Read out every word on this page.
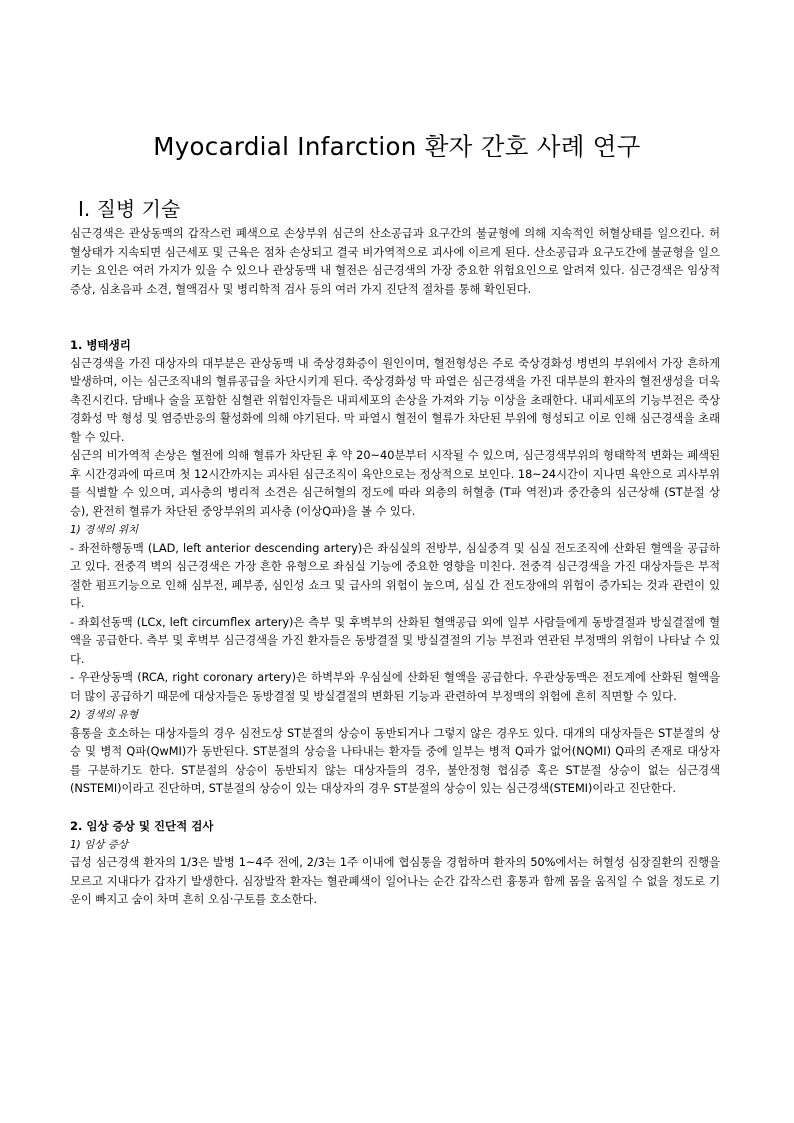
Myocardial Infarction 환자 간호 사례 연구
Ⅰ. 질병 기술

심근경색은 관상동맥의 갑작스런 폐색으로 손상부위 심근의 산소공급과 요구간의 불균형에 의해 지속적인 허혈상태를 일으킨다. 허혈상태가 지속되면 심근세포 및 근육은 점차 손상되고 결국 비가역적으로 괴사에 이르게 된다. 산소공급과 요구도간에 불균형을 일으키는 요인은 여러 가지가 있을 수 있으나 관상동맥 내 혈전은 심근경색의 가장 중요한 위험요인으로 알려져 있다. 심근경색은 임상적 증상, 심초음파 소견, 혈액검사 및 병리학적 검사 등의 여러 가지 진단적 절차를 통해 확인된다.

1. 병태생리

심근경색을 가진 대상자의 대부분은 관상동맥 내 죽상경화증이 원인이며, 혈전형성은 주로 죽상경화성 병변의 부위에서 가장 흔하게 발생하며, 이는 심근조직내의 혈류공급을 차단시키게 된다. 죽상경화성 막 파열은 심근경색을 가진 대부분의 환자의 혈전생성을 더욱 촉진시킨다. 담배나 술을 포함한 심혈관 위험인자들은 내피세포의 손상을 가져와 기능 이상을 초래한다. 내피세포의 기능부전은 죽상경화성 막 형성 및 염증반응의 활성화에 의해 야기된다. 막 파열시 혈전이 혈류가 차단된 부위에 형성되고 이로 인해 심근경색을 초래할 수 있다.

심근의 비가역적 손상은 혈전에 의해 혈류가 차단된 후 약 20~40분부터 시작될 수 있으며, 심근경색부위의 형태학적 변화는 폐색된 후 시간경과에 따르며 첫 12시간까지는 괴사된 심근조직이 육안으로는 정상적으로 보인다. 18~24시간이 지나면 육안으로 괴사부위를 식별할 수 있으며, 괴사층의 병리적 소견은 심근허혈의 정도에 따라 외층의 허혈층 (T파 역전)과 중간층의 심근상해 (ST분절 상승), 완전히 혈류가 차단된 중앙부위의 괴사층 (이상Q파)을 볼 수 있다.

1) 경색의 위치

- 좌전하행동맥 (LAD, left anterior descending artery)은 좌심실의 전방부, 심실중격 및 심실 전도조직에 산화된 혈액을 공급하고 있다. 전중격 벽의 심근경색은 가장 흔한 유형으로 좌심실 기능에 중요한 영향을 미친다. 전중격 심근경색을 가진 대상자들은 부적절한 펌프기능으로 인해 심부전, 폐부종, 심인성 쇼크 및 급사의 위험이 높으며, 심실 간 전도장애의 위험이 증가되는 것과 관련이 있다.

- 좌회선동맥 (LCx, left circumflex artery)은 측부 및 후벽부의 산화된 혈액공급 외에 일부 사람들에게 동방결절과 방실결절에 혈액을 공급한다. 측부 및 후벽부 심근경색을 가진 환자들은 동방결절 및 방실결절의 기능 부전과 연관된 부정맥의 위험이 나타날 수 있다.

- 우관상동맥 (RCA, right coronary artery)은 하벽부와 우심실에 산화된 혈액을 공급한다. 우관상동맥은 전도계에 산화된 혈액을 더 많이 공급하기 때문에 대상자들은 동방결절 및 방실결절의 변화된 기능과 관련하여 부정맥의 위험에 흔히 직면할 수 있다.

2) 경색의 유형

흉통을 호소하는 대상자들의 경우 심전도상 ST분절의 상승이 동반되거나 그렇지 않은 경우도 있다. 대개의 대상자들은 ST분절의 상승 및 병적 Q파(QwMI)가 동반된다. ST분절의 상승을 나타내는 환자들 중에 일부는 병적 Q파가 없어(NQMI) Q파의 존재로 대상자를 구분하기도 한다. ST분절의 상승이 동반되지 않는 대상자들의 경우, 불안정형 협심증 혹은 ST분절 상승이 없는 심근경색(NSTEMI)이라고 진단하며, ST분절의 상승이 있는 대상자의 경우 ST분절의 상승이 있는 심근경색(STEMI)이라고 진단한다.

2. 임상 증상 및 진단적 검사
1) 임상 증상

급성 심근경색 환자의 1/3은 발병 1~4주 전에, 2/3는 1주 이내에 협심통을 경험하며 환자의 50%에서는 허혈성 심장질환의 진행을 모르고 지내다가 갑자기 발생한다. 심장발작 환자는 혈관폐색이 일어나는 순간 갑작스런 흉통과 함께 몸을 움직일 수 없을 정도로 기운이 빠지고 숨이 차며 흔히 오심·구토를 호소한다.
